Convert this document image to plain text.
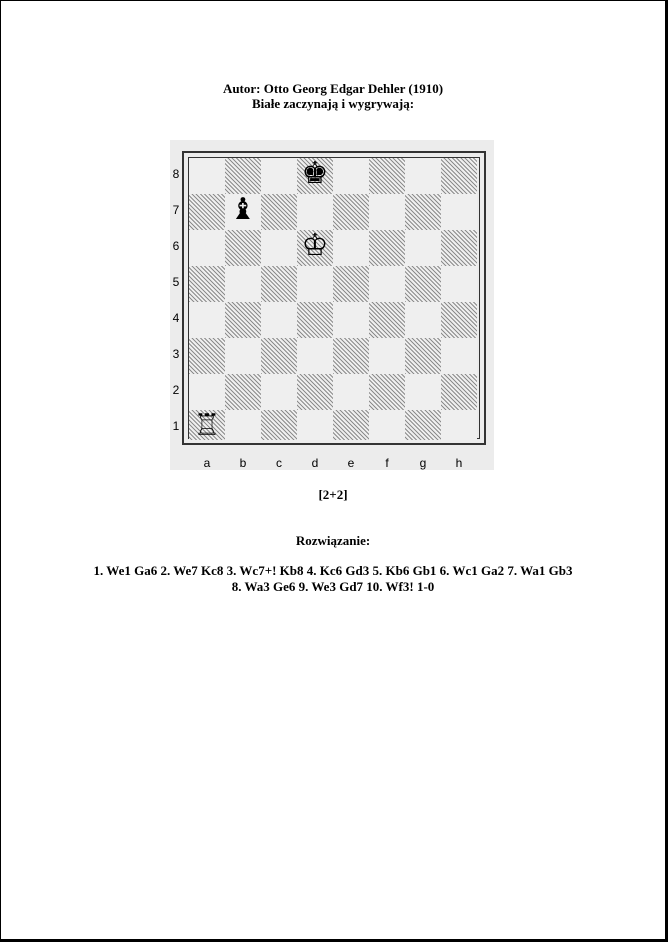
Autor: Otto Georg Edgar Dehler (1910)
Białe zaczynają i wygrywają:
8
7
6
5
4
3
2
1
a	b	c	d	e	f	g	h
♚
♝
♔
♖
[2+2]
Rozwiązanie:
1. We1 Ga6 2. We7 Kc8 3. Wc7+! Kb8 4. Kc6 Gd3 5. Kb6 Gb1 6. Wc1 Ga2 7. Wa1 Gb3
8. Wa3 Ge6 9. We3 Gd7 10. Wf3! 1-0
